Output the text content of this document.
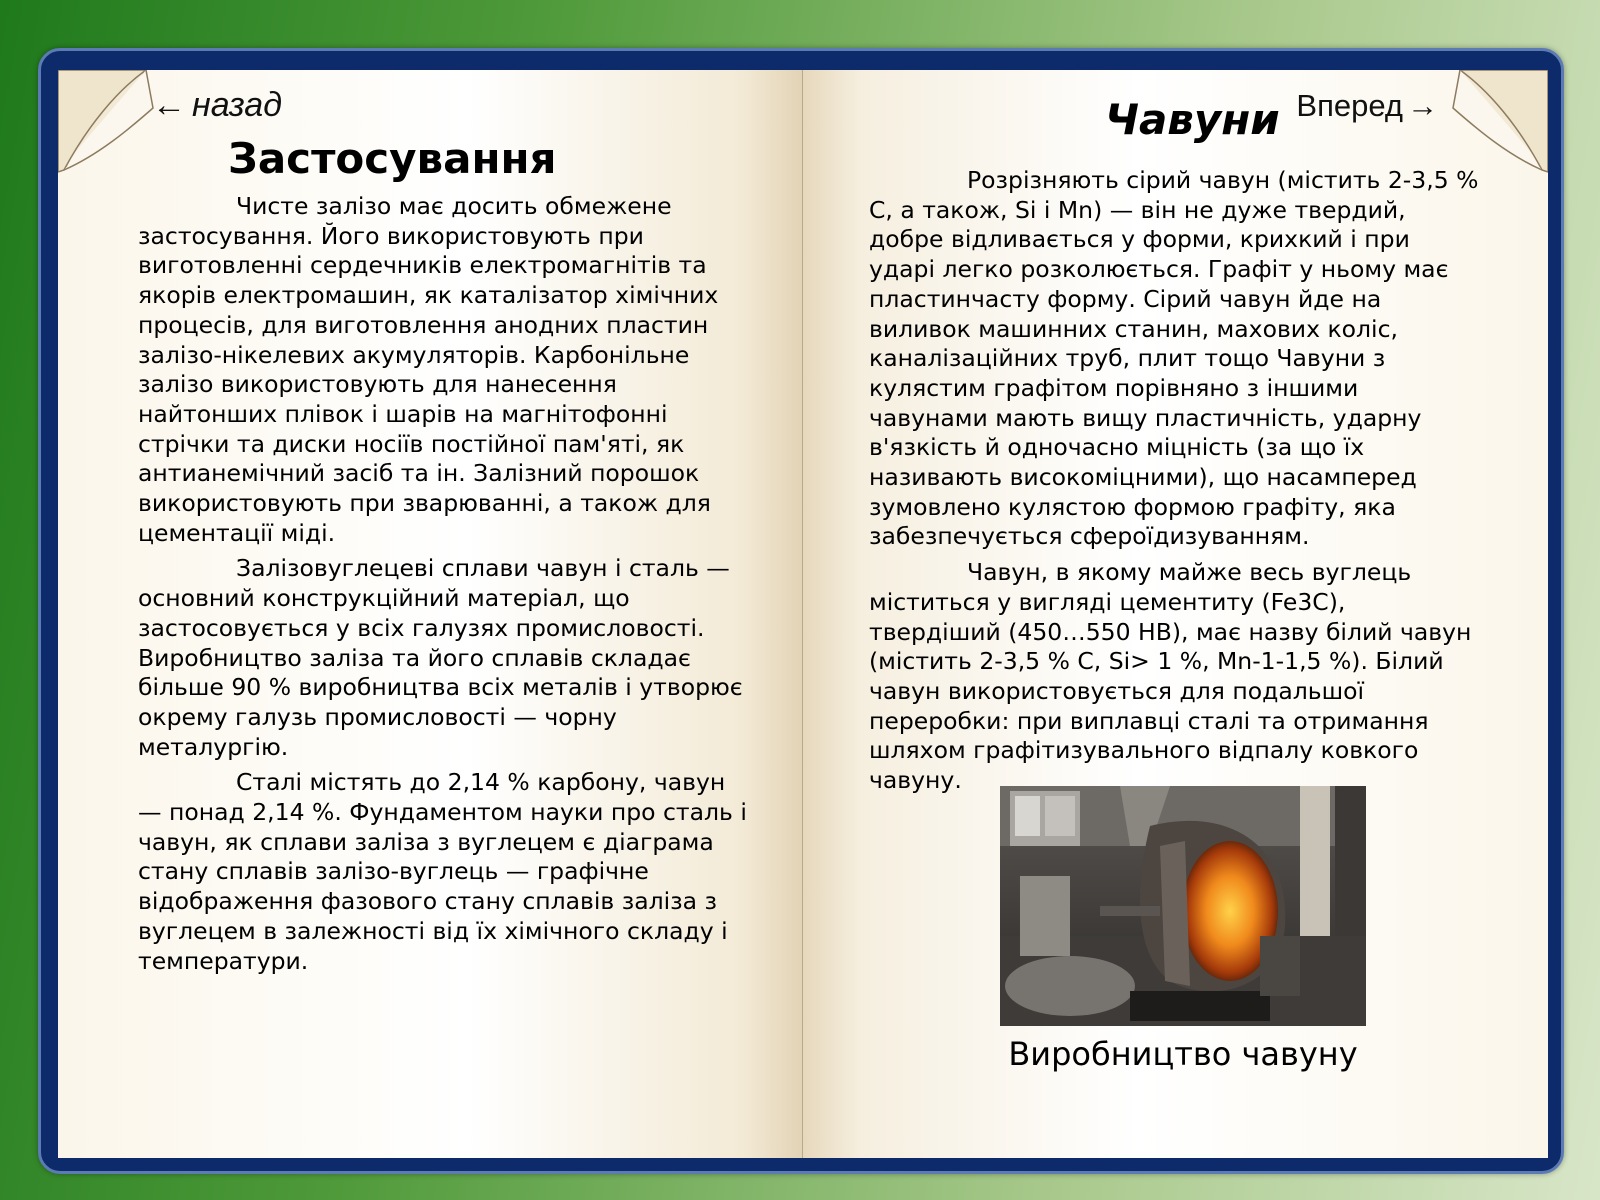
← назад
Застосування

Чисте залізо має досить обмежене застосування. Його використовують при виготовленні сердечників електромагнітів та якорів електромашин, як каталізатор хімічних процесів, для виготовлення анодних пластин залізо-нікелевих акумуляторів. Карбонільне залізо використовують для нанесення найтонших плівок і шарів на магнітофонні стрічки та диски носіїв постійної пам'яті, як антианемічний засіб та ін. Залізний порошок використовують при зварюванні, а також для цементації міді.

Залізовуглецеві сплави чавун і сталь — основний конструкційний матеріал, що застосовується у всіх галузях промисловості. Виробництво заліза та його сплавів складає більше 90 % виробництва всіх металів і утворює окрему галузь промисловості — чорну металургію.

Сталі містять до 2,14 % карбону, чавун — понад 2,14 %. Фундаментом науки про сталь і чавун, як сплави заліза з вуглецем є діаграма стану сплавів залізо-вуглець — графічне відображення фазового стану сплавів заліза з вуглецем в залежності від їх хімічного складу і температури.

Чавуни Вперед →

Розрізняють сірий чавун (містить 2-3,5 % C, а також, Si і Mn) — він не дуже твердий, добре відливається у форми, крихкий і при ударі легко розколюється. Графіт у ньому має пластинчасту форму. Сірий чавун йде на виливок машинних станин, махових коліс, каналізаційних труб, плит тощо Чавуни з кулястим графітом порівняно з іншими чавунами мають вищу пластичність, ударну в'язкість й одночасно міцність (за що їх називають високоміцними), що насамперед зумовлено кулястою формою графіту, яка забезпечується сфероїдизуванням.

Чавун, в якому майже весь вуглець міститься у вигляді цементиту (Fe3C), твердіший (450…550 HB), має назву білий чавун (містить 2-3,5 % C, Si> 1 %, Mn-1-1,5 %). Білий чавун використовується для подальшої переробки: при виплавці сталі та отримання шляхом графітизувального відпалу ковкого чавуну.

Виробництво чавуну
